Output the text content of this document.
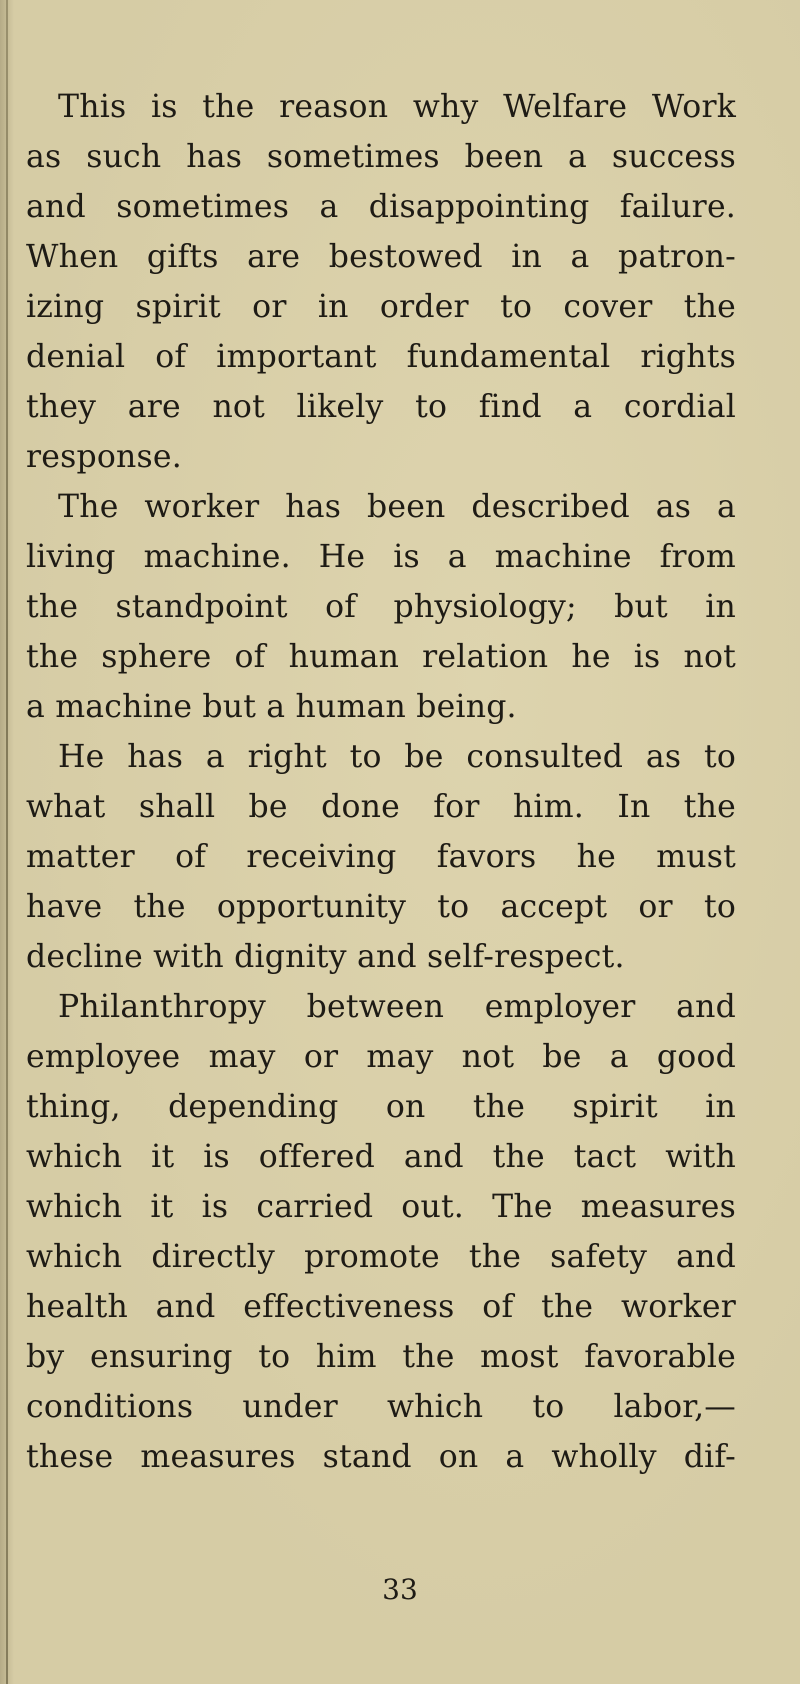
This is the reason why Welfare Work
as such has sometimes been a success
and sometimes a disappointing failure.
When gifts are bestowed in a patron-
izing spirit or in order to cover the
denial of important fundamental rights
they are not likely to find a cordial
response.
The worker has been described as a
living machine. He is a machine from
the standpoint of physiology; but in
the sphere of human relation he is not
a machine but a human being.
He has a right to be consulted as to
what shall be done for him. In the
matter of receiving favors he must
have the opportunity to accept or to
decline with dignity and self-respect.
Philanthropy between employer and
employee may or may not be a good
thing, depending on the spirit in
which it is offered and the tact with
which it is carried out. The measures
which directly promote the safety and
health and effectiveness of the worker
by ensuring to him the most favorable
conditions under which to labor,—
these measures stand on a wholly dif-
33
